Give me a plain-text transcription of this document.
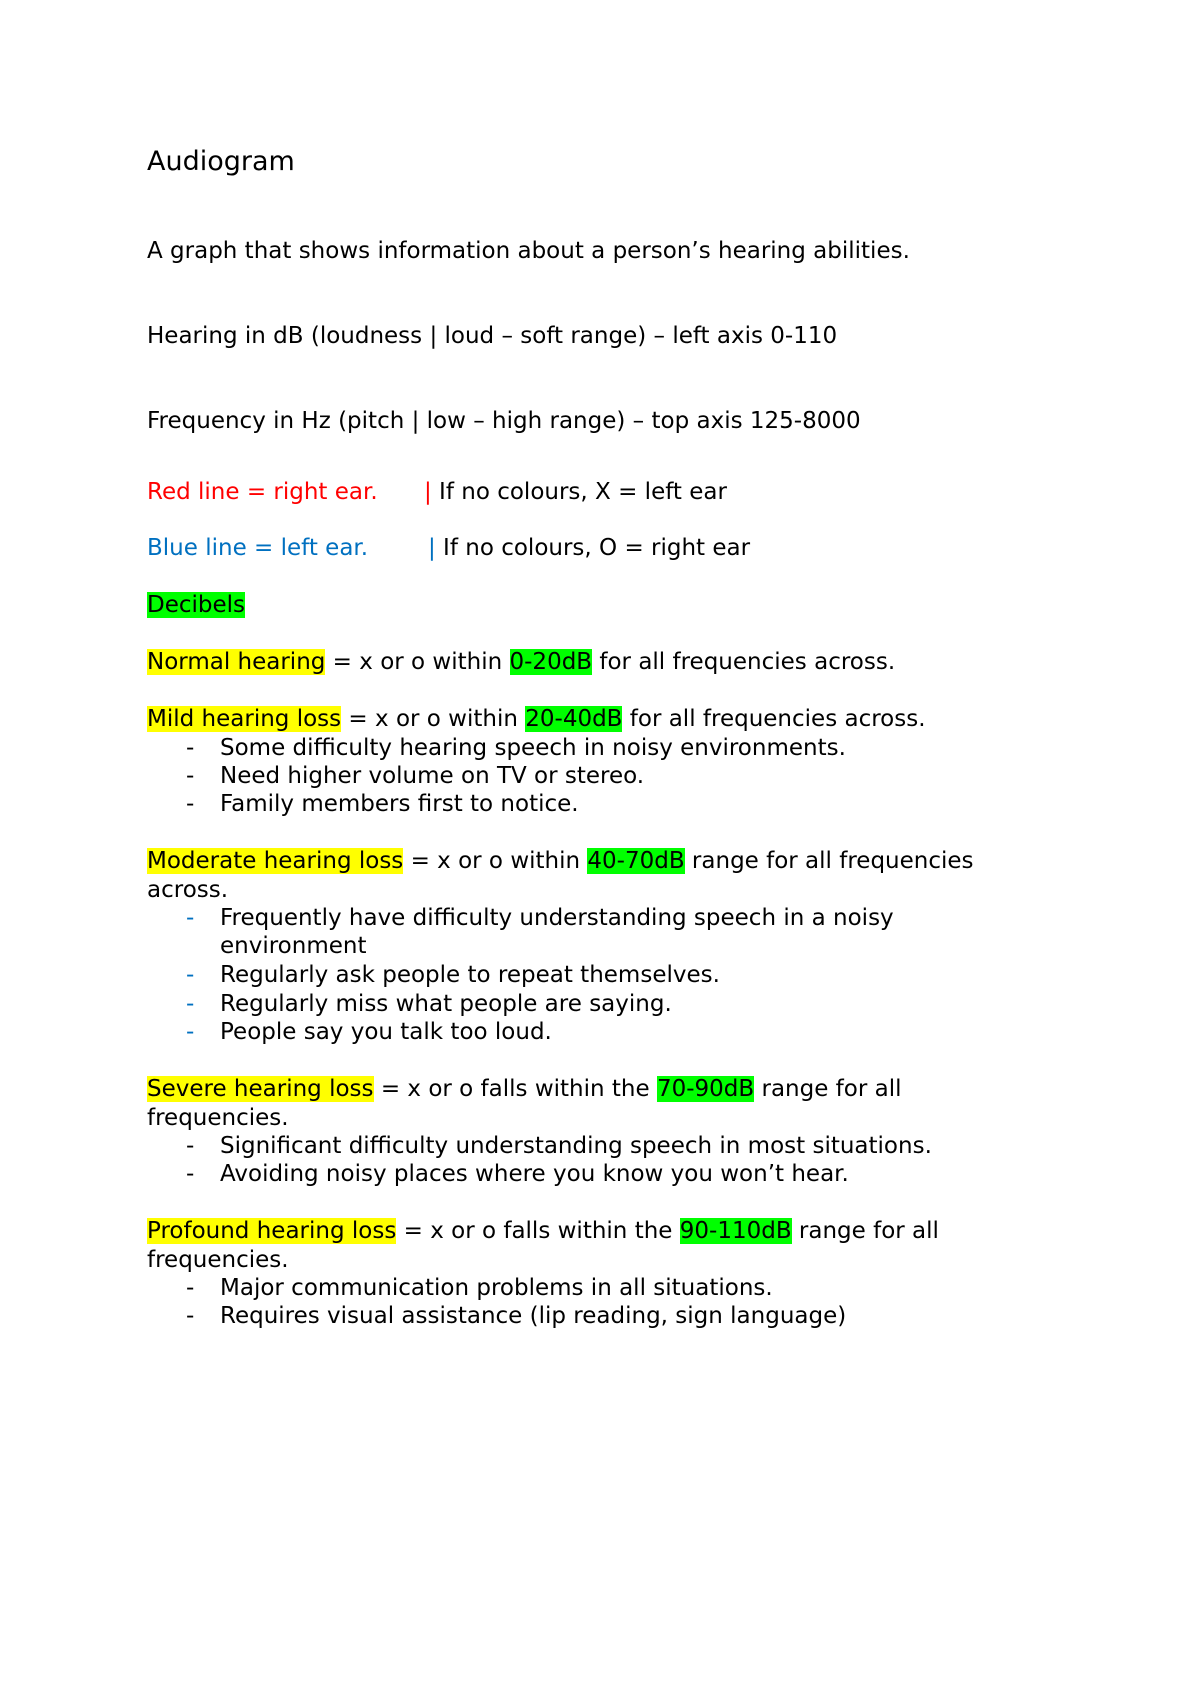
Audiogram
A graph that shows information about a person’s hearing abilities.
Hearing in dB (loudness | loud – soft range) – left axis 0-110
Frequency in Hz (pitch | low – high range) – top axis 125-8000
Red line = right ear. | If no colours, X = left ear
Blue line = left ear.	| If no colours, O = right ear
Decibels
Normal hearing = x or o within 0-20dB for all frequencies across.
Mild hearing loss = x or o within 20-40dB for all frequencies across.
- Some difficulty hearing speech in noisy environments.
- Need higher volume on TV or stereo.
- Family members first to notice.
Moderate hearing loss = x or o within 40-70dB range for all frequencies
across.
- Frequently have difficulty understanding speech in a noisy
environment
- Regularly ask people to repeat themselves.
- Regularly miss what people are saying.
- People say you talk too loud.
Severe hearing loss = x or o falls within the 70-90dB range for all
frequencies.
- Significant difficulty understanding speech in most situations.
- Avoiding noisy places where you know you won’t hear.
Profound hearing loss = x or o falls within the 90-110dB range for all
frequencies.
- Major communication problems in all situations.
- Requires visual assistance (lip reading, sign language)
